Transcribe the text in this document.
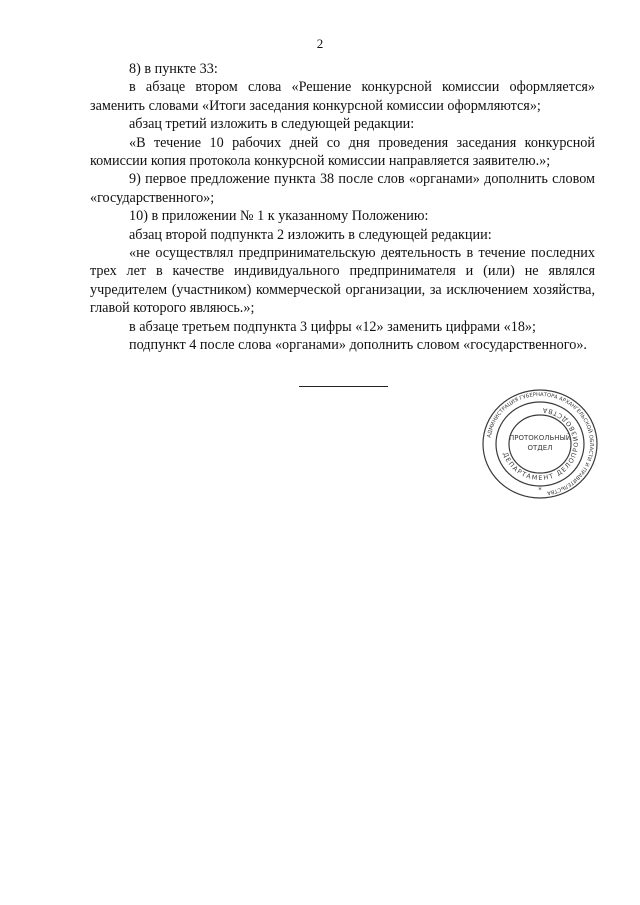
2

8) в пункте 33:

в абзаце втором слова «Решение конкурсной комиссии оформляется» заменить словами «Итоги заседания конкурсной комиссии оформляются»;

абзац третий изложить в следующей редакции:

«В течение 10 рабочих дней со дня проведения заседания конкурсной комиссии копия протокола конкурсной комиссии направляется заявителю.»;

9) первое предложение пункта 38 после слов «органами» дополнить словом «государственного»;

10) в приложении № 1 к указанному Положению:

абзац второй подпункта 2 изложить в следующей редакции:

«не осуществлял предпринимательскую деятельность в течение последних трех лет в качестве индивидуального предпринимателя и (или) не являлся учредителем (участником) коммерческой организации, за исключением хозяйства, главой которого являюсь.»;

в абзаце третьем подпункта 3 цифры «12» заменить цифрами «18»;

подпункт 4 после слова «органами» дополнить словом «государственного».

АДМИНИСТРАЦИЯ ГУБЕРНАТОРА АРХАНГЕЛЬСКОЙ ОБЛАСТИ И ПРАВИТЕЛЬСТВА
ДЕПАРТАМЕНТ ДЕЛОПРОИЗВОДСТВА
ПРОТОКОЛЬНЫЙ
ОТДЕЛ
*
